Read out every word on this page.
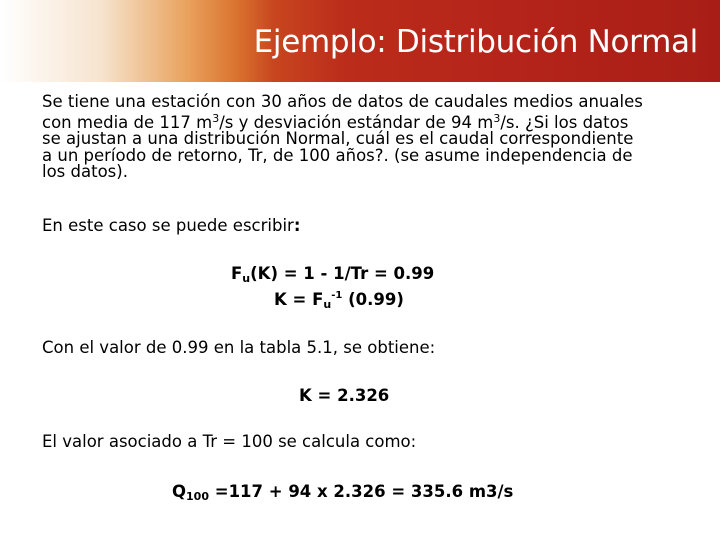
Ejemplo: Distribución Normal
Se tiene una estación con 30 años de datos de caudales medios anuales
con media de 117 $m^3/s$ y desviación estándar de 94 $m^3/s$. ¿Si los datos
se ajustan a una distribución Normal, cuál es el caudal correspondiente
a un período de retorno, Tr, de 100 años?. (se asume independencia de
los datos).
En este caso se puede escribir:
$F_u(K) = 1 - 1/Tr = 0.99$
$K = F_u^{-1}$ (0.99)
Con el valor de 0.99 en la tabla 5.1, se obtiene:
K = 2.326
El valor asociado a Tr = 100 se calcula como:
$Q_{100} =117 + 94$ x 2.326 = 335.6 m3/s
